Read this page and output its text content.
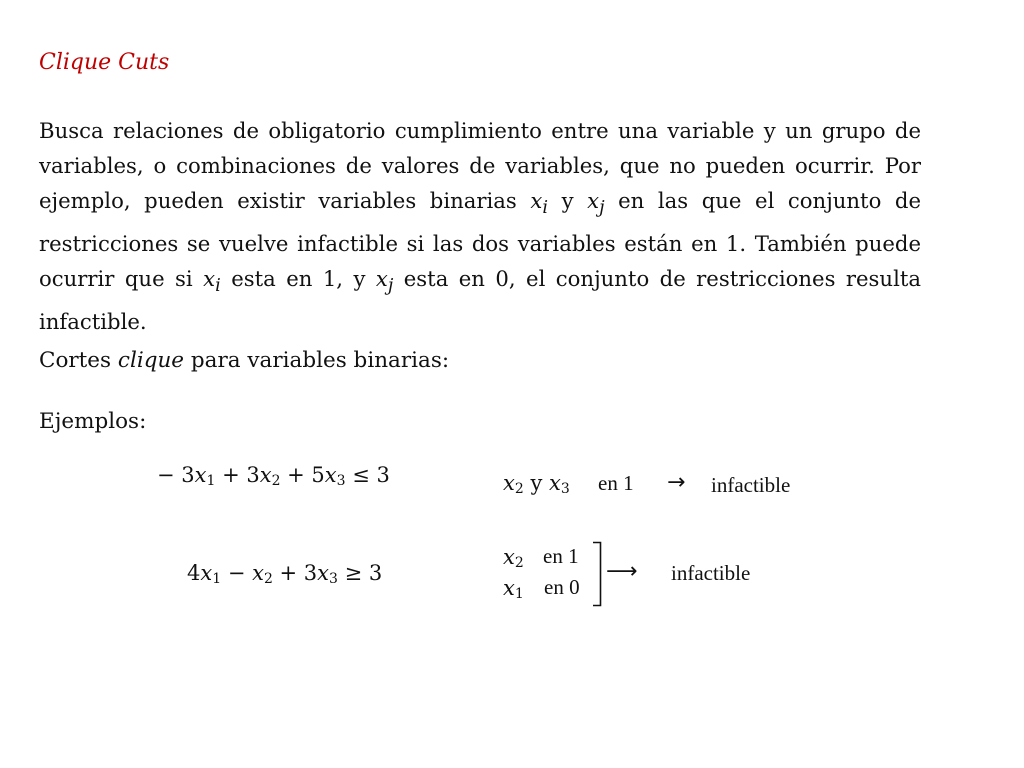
Clique Cuts

Busca relaciones de obligatorio cumplimiento entre una variable y un grupo de variables, o combinaciones de valores de variables, que no pueden ocurrir. Por ejemplo, pueden existir variables binarias $x_i$ y $x_j$ en las que el conjunto de restricciones se vuelve infactible si las dos variables están en 1. También puede ocurrir que si $x_i$ esta en 1, y $x_j$ esta en 0, el conjunto de restricciones resulta infactible.

Cortes clique para variables binarias:

Ejemplos:

− $3x_1 + 3x_2 + 5x_3 \le 3$	$x_2$ y $x_3$ en 1 → infactible
$4x_1 - x_2 + 3x_3 \ge 3$
$x_2$ en 1
$x_1$ en 0
⟶ infactible
